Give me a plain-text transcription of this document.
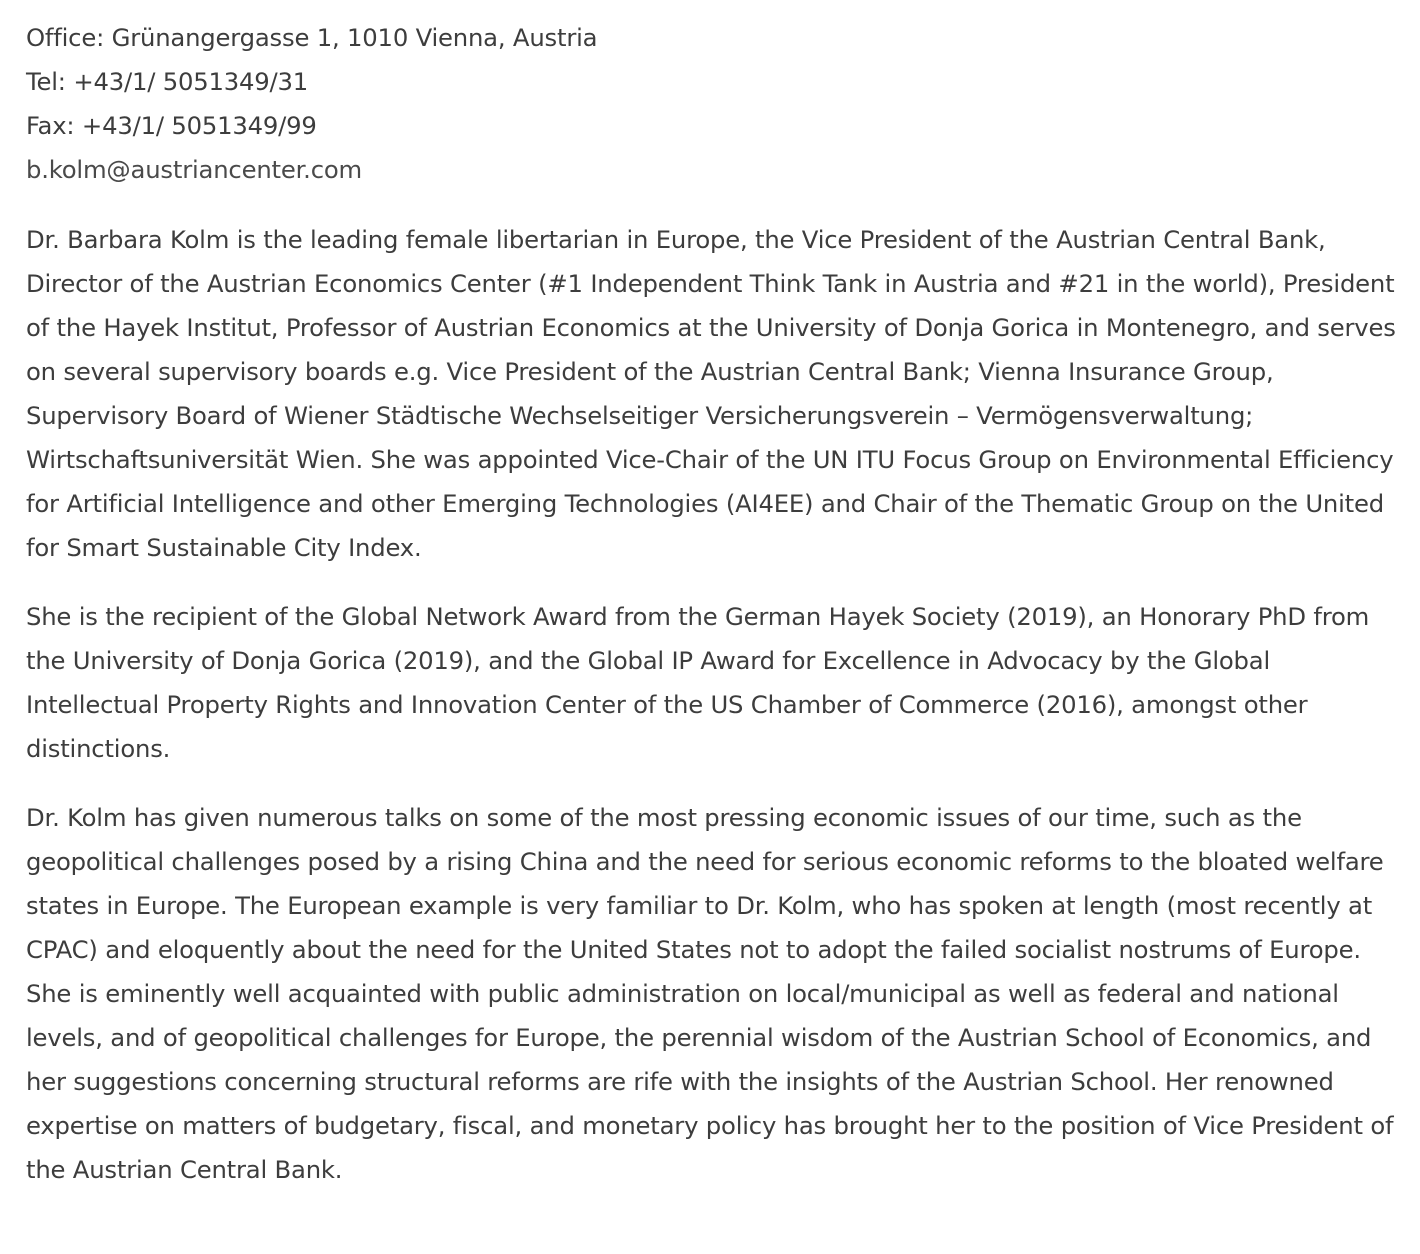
Office: Grünangergasse 1, 1010 Vienna, Austria
Tel: +43/1/ 5051349/31
Fax: +43/1/ 5051349/99
b.kolm@austriancenter.com

Dr. Barbara Kolm is the leading female libertarian in Europe, the Vice President of the Austrian Central Bank, Director of the Austrian Economics Center (#1 Independent Think Tank in Austria and #21 in the world), President of the Hayek Institut, Professor of Austrian Economics at the University of Donja Gorica in Montenegro, and serves on several supervisory boards e.g. Vice President of the Austrian Central Bank; Vienna Insurance Group, Supervisory Board of Wiener Städtische Wechselseitiger Versicherungsverein – Vermögensverwaltung; Wirtschaftsuniversität Wien. She was appointed Vice-Chair of the UN ITU Focus Group on Environmental Efficiency for Artificial Intelligence and other Emerging Technologies (AI4EE) and Chair of the Thematic Group on the United for Smart Sustainable City Index.

She is the recipient of the Global Network Award from the German Hayek Society (2019), an Honorary PhD from the University of Donja Gorica (2019), and the Global IP Award for Excellence in Advocacy by the Global Intellectual Property Rights and Innovation Center of the US Chamber of Commerce (2016), amongst other distinctions.

Dr. Kolm has given numerous talks on some of the most pressing economic issues of our time, such as the geopolitical challenges posed by a rising China and the need for serious economic reforms to the bloated welfare states in Europe. The European example is very familiar to Dr. Kolm, who has spoken at length (most recently at CPAC) and eloquently about the need for the United States not to adopt the failed socialist nostrums of Europe. She is eminently well acquainted with public administration on local/municipal as well as federal and national levels, and of geopolitical challenges for Europe, the perennial wisdom of the Austrian School of Economics, and her suggestions concerning structural reforms are rife with the insights of the Austrian School. Her renowned expertise on matters of budgetary, fiscal, and monetary policy has brought her to the position of Vice President of the Austrian Central Bank.
